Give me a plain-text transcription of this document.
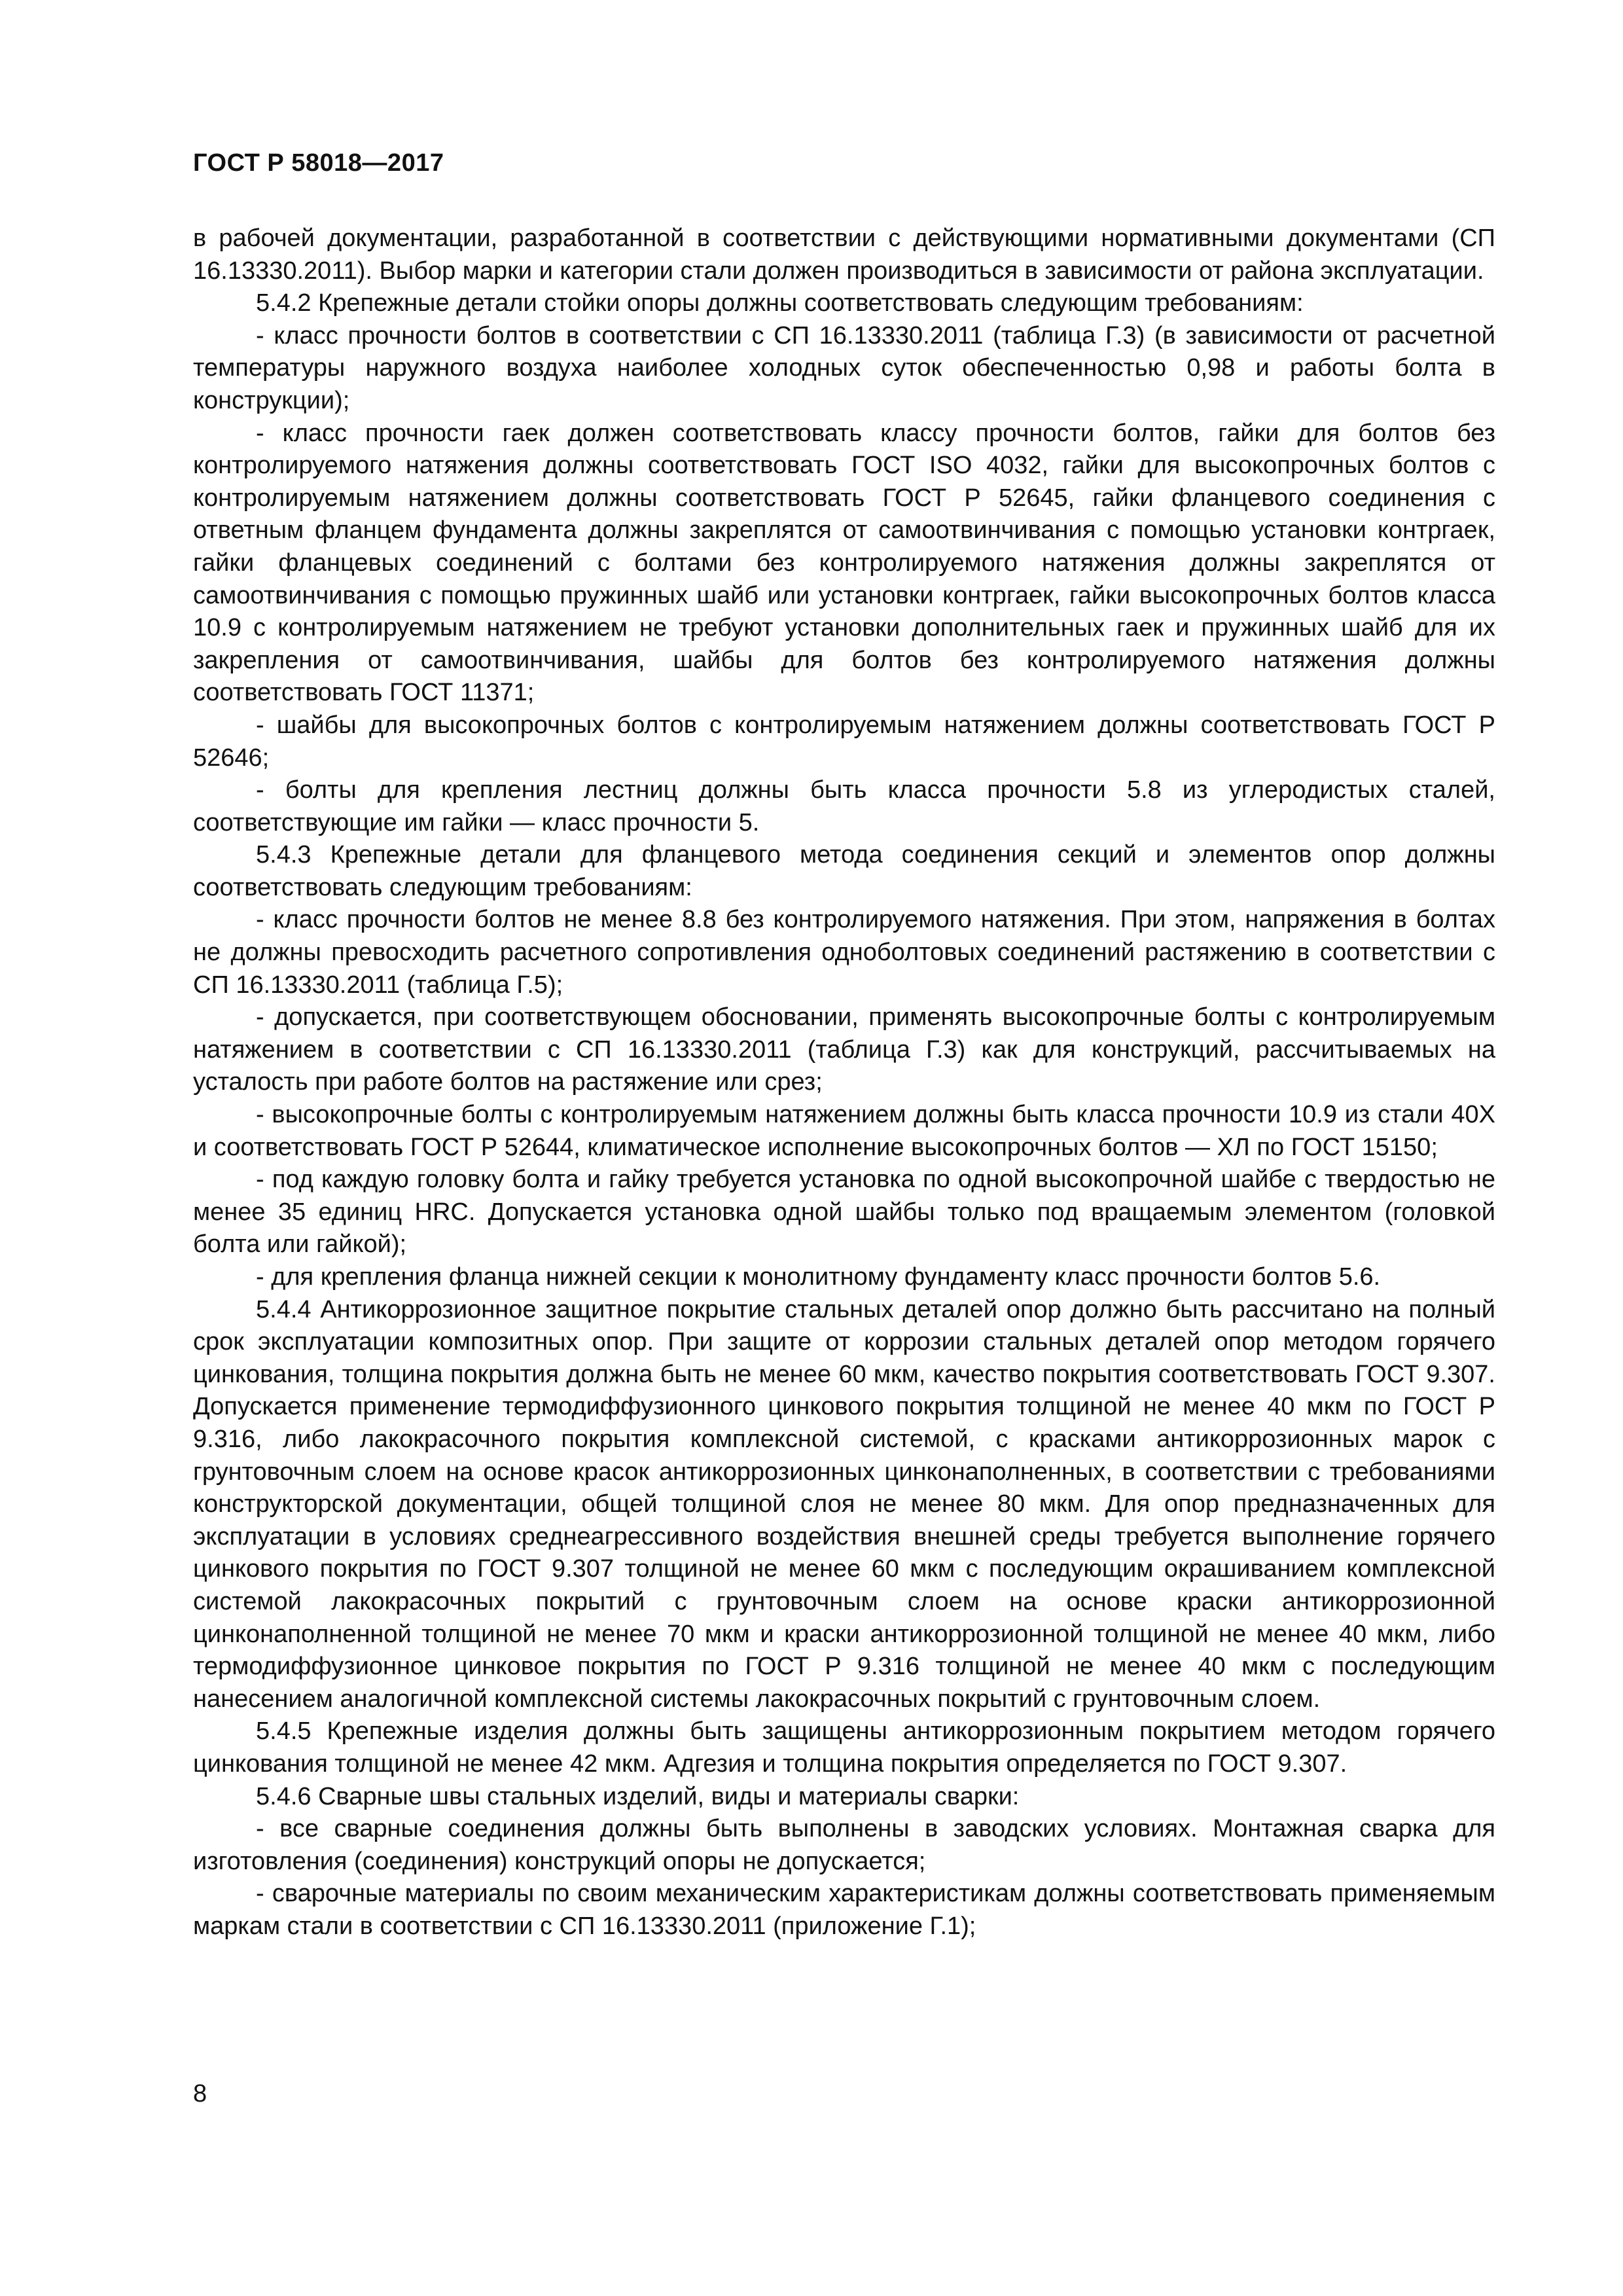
ГОСТ Р 58018—2017

в рабочей документации, разработанной в соответствии с действующими нормативными документами (СП 16.13330.2011). Выбор марки и категории стали должен производиться в зависимости от района эксплуатации.

5.4.2 Крепежные детали стойки опоры должны соответствовать следующим требованиям:

- класс прочности болтов в соответствии с СП 16.13330.2011 (таблица Г.3) (в зависимости от расчетной температуры наружного воздуха наиболее холодных суток обеспеченностью 0,98 и работы болта в конструкции);

- класс прочности гаек должен соответствовать классу прочности болтов, гайки для болтов без контролируемого натяжения должны соответствовать ГОСТ ISO 4032, гайки для высокопрочных болтов с контролируемым натяжением должны соответствовать ГОСТ Р 52645, гайки фланцевого соединения с ответным фланцем фундамента должны закреплятся от самоотвинчивания с помощью установки контргаек, гайки фланцевых соединений с болтами без контролируемого натяжения должны закреплятся от самоотвинчивания с помощью пружинных шайб или установки контргаек, гайки высокопрочных болтов класса 10.9 с контролируемым натяжением не требуют установки дополнительных гаек и пружинных шайб для их закрепления от самоотвинчивания, шайбы для болтов без контролируемого натяжения должны соответствовать ГОСТ 11371;

- шайбы для высокопрочных болтов с контролируемым натяжением должны соответствовать ГОСТ Р 52646;

- болты для крепления лестниц должны быть класса прочности 5.8 из углеродистых сталей, соответствующие им гайки — класс прочности 5.

5.4.3 Крепежные детали для фланцевого метода соединения секций и элементов опор должны соответствовать следующим требованиям:

- класс прочности болтов не менее 8.8 без контролируемого натяжения. При этом, напряжения в болтах не должны превосходить расчетного сопротивления одноболтовых соединений растяжению в соответствии с СП 16.13330.2011 (таблица Г.5);

- допускается, при соответствующем обосновании, применять высокопрочные болты с контролируемым натяжением в соответствии с СП 16.13330.2011 (таблица Г.3) как для конструкций, рассчитываемых на усталость при работе болтов на растяжение или срез;

- высокопрочные болты с контролируемым натяжением должны быть класса прочности 10.9 из стали 40Х и соответствовать ГОСТ Р 52644, климатическое исполнение высокопрочных болтов — ХЛ по ГОСТ 15150;

- под каждую головку болта и гайку требуется установка по одной высокопрочной шайбе с твердостью не менее 35 единиц HRC. Допускается установка одной шайбы только под вращаемым элементом (головкой болта или гайкой);

- для крепления фланца нижней секции к монолитному фундаменту класс прочности болтов 5.6.

5.4.4 Антикоррозионное защитное покрытие стальных деталей опор должно быть рассчитано на полный срок эксплуатации композитных опор. При защите от коррозии стальных деталей опор методом горячего цинкования, толщина покрытия должна быть не менее 60 мкм, качество покрытия соответствовать ГОСТ 9.307. Допускается применение термодиффузионного цинкового покрытия толщиной не менее 40 мкм по ГОСТ Р 9.316, либо лакокрасочного покрытия комплексной системой, с красками антикоррозионных марок с грунтовочным слоем на основе красок антикоррозионных цинконаполненных, в соответствии с требованиями конструкторской документации, общей толщиной слоя не менее 80 мкм. Для опор предназначенных для эксплуатации в условиях среднеагрессивного воздействия внешней среды требуется выполнение горячего цинкового покрытия по ГОСТ 9.307 толщиной не менее 60 мкм с последующим окрашиванием комплексной системой лакокрасочных покрытий с грунтовочным слоем на основе краски антикоррозионной цинконаполненной толщиной не менее 70 мкм и краски антикоррозионной толщиной не менее 40 мкм, либо термодиффузионное цинковое покрытия по ГОСТ Р 9.316 толщиной не менее 40 мкм с последующим нанесением аналогичной комплексной системы лакокрасочных покрытий с грунтовочным слоем.

5.4.5 Крепежные изделия должны быть защищены антикоррозионным покрытием методом горячего цинкования толщиной не менее 42 мкм. Адгезия и толщина покрытия определяется по ГОСТ 9.307.

5.4.6 Сварные швы стальных изделий, виды и материалы сварки:

- все сварные соединения должны быть выполнены в заводских условиях. Монтажная сварка для изготовления (соединения) конструкций опоры не допускается;

- сварочные материалы по своим механическим характеристикам должны соответствовать применяемым маркам стали в соответствии с СП 16.13330.2011 (приложение Г.1);

8
